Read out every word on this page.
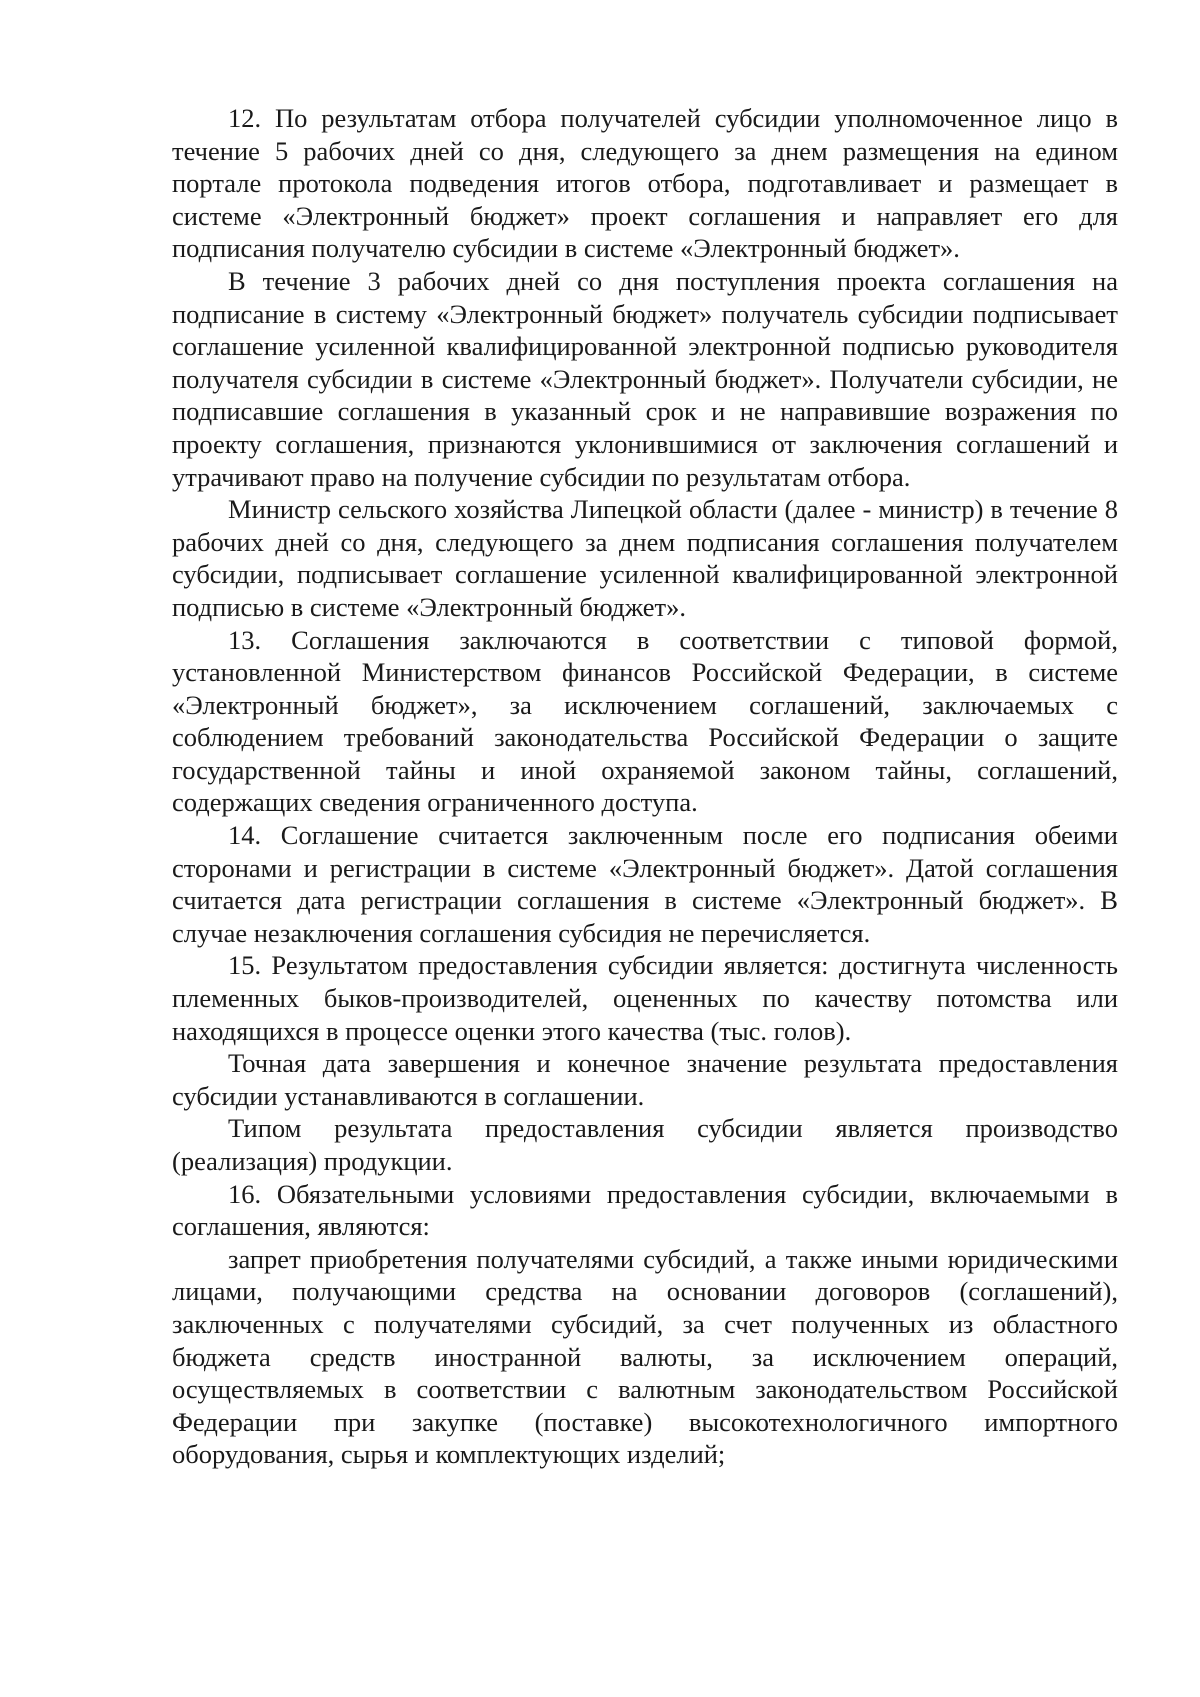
12. По результатам отбора получателей субсидии уполномоченное лицо в течение 5 рабочих дней со дня, следующего за днем размещения на едином портале протокола подведения итогов отбора, подготавливает и размещает в системе «Электронный бюджет» проект соглашения и направляет его для подписания получателю субсидии в системе «Электронный бюджет».

В течение 3 рабочих дней со дня поступления проекта соглашения на подписание в систему «Электронный бюджет» получатель субсидии подписывает соглашение усиленной квалифицированной электронной подписью руководителя получателя субсидии в системе «Электронный бюджет». Получатели субсидии, не подписавшие соглашения в указанный срок и не направившие возражения по проекту соглашения, признаются уклонившимися от заключения соглашений и утрачивают право на получение субсидии по результатам отбора.

Министр сельского хозяйства Липецкой области (далее - министр) в течение 8 рабочих дней со дня, следующего за днем подписания соглашения получателем субсидии, подписывает соглашение усиленной квалифицированной электронной подписью в системе «Электронный бюджет».

13. Соглашения заключаются в соответствии с типовой формой, установленной Министерством финансов Российской Федерации, в системе «Электронный бюджет», за исключением соглашений, заключаемых с соблюдением требований законодательства Российской Федерации о защите государственной тайны и иной охраняемой законом тайны, соглашений, содержащих сведения ограниченного доступа.

14. Соглашение считается заключенным после его подписания обеими сторонами и регистрации в системе «Электронный бюджет». Датой соглашения считается дата регистрации соглашения в системе «Электронный бюджет». В случае незаключения соглашения субсидия не перечисляется.

15. Результатом предоставления субсидии является: достигнута численность племенных быков-производителей, оцененных по качеству потомства или находящихся в процессе оценки этого качества (тыс. голов).

Точная дата завершения и конечное значение результата предоставления субсидии устанавливаются в соглашении.

Типом результата предоставления субсидии является производство (реализация) продукции.

16. Обязательными условиями предоставления субсидии, включаемыми в соглашения, являются:

запрет приобретения получателями субсидий, а также иными юридическими лицами, получающими средства на основании договоров (соглашений), заключенных с получателями субсидий, за счет полученных из областного бюджета средств иностранной валюты, за исключением операций, осуществляемых в соответствии с валютным законодательством Российской Федерации при закупке (поставке) высокотехнологичного импортного оборудования, сырья и комплектующих изделий;
